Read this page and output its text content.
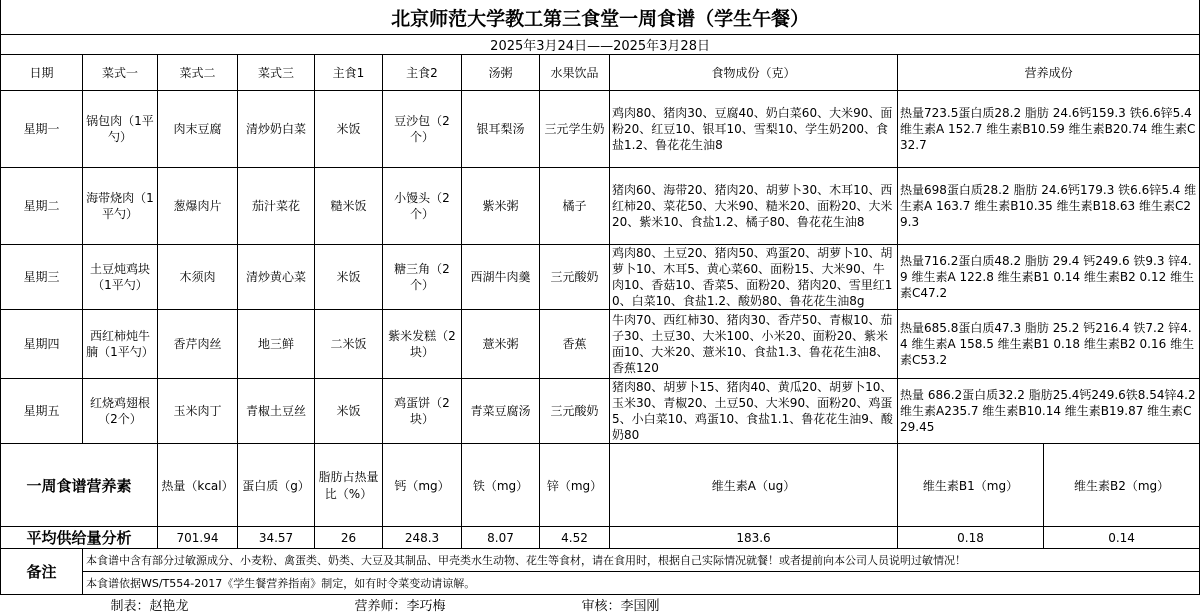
北京师范大学教工第三食堂一周食谱（学生午餐）											
2025年3月24日——2025年3月28日											
日期	菜式一	菜式二	菜式三	主食1	主食2	汤粥	水果饮品	食物成份（克）	营养成份		
星期一	锅包肉（1平勺）	肉末豆腐	清炒奶白菜	米饭	豆沙包（2个）	银耳梨汤	三元学生奶	鸡肉80、猪肉30、豆腐40、奶白菜60、大米90、面粉20、红豆10、银耳10、雪梨10、学生奶200、食盐1.2、鲁花花生油8	热量723.5蛋白质28.2 脂肪 24.6钙159.3 铁6.6锌5.4 维生素A 152.7 维生素B10.59 维生素B20.74 维生素C32.7		
星期二	海带烧肉（1平勺）	葱爆肉片	茄汁菜花	糙米饭	小馒头（2个）	紫米粥	橘子	猪肉60、海带20、猪肉20、胡萝卜30、木耳10、西红柿20、菜花50、大米90、糙米20、面粉20、大米20、紫米10、食盐1.2、橘子80、鲁花花生油8	热量698蛋白质28.2 脂肪 24.6钙179.3 铁6.6锌5.4 维生素A 163.7 维生素B10.35 维生素B18.63 维生素C29.3		
星期三	土豆炖鸡块（1平勺）	木须肉	清炒黄心菜	米饭	糖三角（2个）	西湖牛肉羹	三元酸奶	鸡肉80、土豆20、猪肉50、鸡蛋20、胡萝卜10、胡萝卜10、木耳5、黄心菜60、面粉15、大米90、牛肉10、香菇10、香菜5、面粉20、猪肉20、雪里红10、白菜10、食盐1.2、酸奶80、鲁花花生油8g	热量716.2蛋白质48.2 脂肪 29.4 钙249.6 铁9.3 锌4.9 维生素A 122.8 维生素B1 0.14 维生素B2 0.12 维生素C47.2		
星期四	西红柿炖牛腩（1平勺）	香芹肉丝	地三鲜	二米饭	紫米发糕（2块）	薏米粥	香蕉	牛肉70、西红柿30、猪肉30、香芹50、青椒10、茄子30、土豆30、大米100、小米20、面粉20、紫米面10、大米20、薏米10、食盐1.3、鲁花花生油8、香蕉120	热量685.8蛋白质47.3 脂肪 25.2 钙216.4 铁7.2 锌4.4 维生素A 158.5 维生素B1 0.18 维生素B2 0.16 维生素C53.2		
星期五	红烧鸡翅根（2个）	玉米肉丁	青椒土豆丝	米饭	鸡蛋饼（2块）	青菜豆腐汤	三元酸奶	猪肉80、胡萝卜15、猪肉40、黄瓜20、胡萝卜10、玉米30、青椒20、土豆50、大米90、面粉20、鸡蛋5、小白菜10、鸡蛋10、食盐1.1、鲁花花生油9、酸奶80	热量 686.2蛋白质32.2 脂肪25.4钙249.6铁8.54锌4.2 维生素A235.7 维生素B10.14 维生素B19.87 维生素C29.45		
一周食谱营养素		热量（kcal）	蛋白质（g）	脂肪占热量比（%）	钙（mg）	铁（mg）	锌（mg）	维生素A（ug）	维生素B1（mg）	维生素B2（mg）	
平均供给量分析		701.94	34.57	26	248.3	8.07	4.52	183.6	0.18	0.14	
备注	本食谱中含有部分过敏源成分、小麦粉、禽蛋类、奶类、大豆及其制品、甲壳类水生动物、花生等食材，请在食用时，根据自己实际情况就餐！或者提前向本公司人员说明过敏情况！										
	本食谱依据WS/T554-2017《学生餐营养指南》制定，如有时令菜变动请谅解。										
	制表：赵艳龙			营养师：李巧梅			审核：李国刚				
